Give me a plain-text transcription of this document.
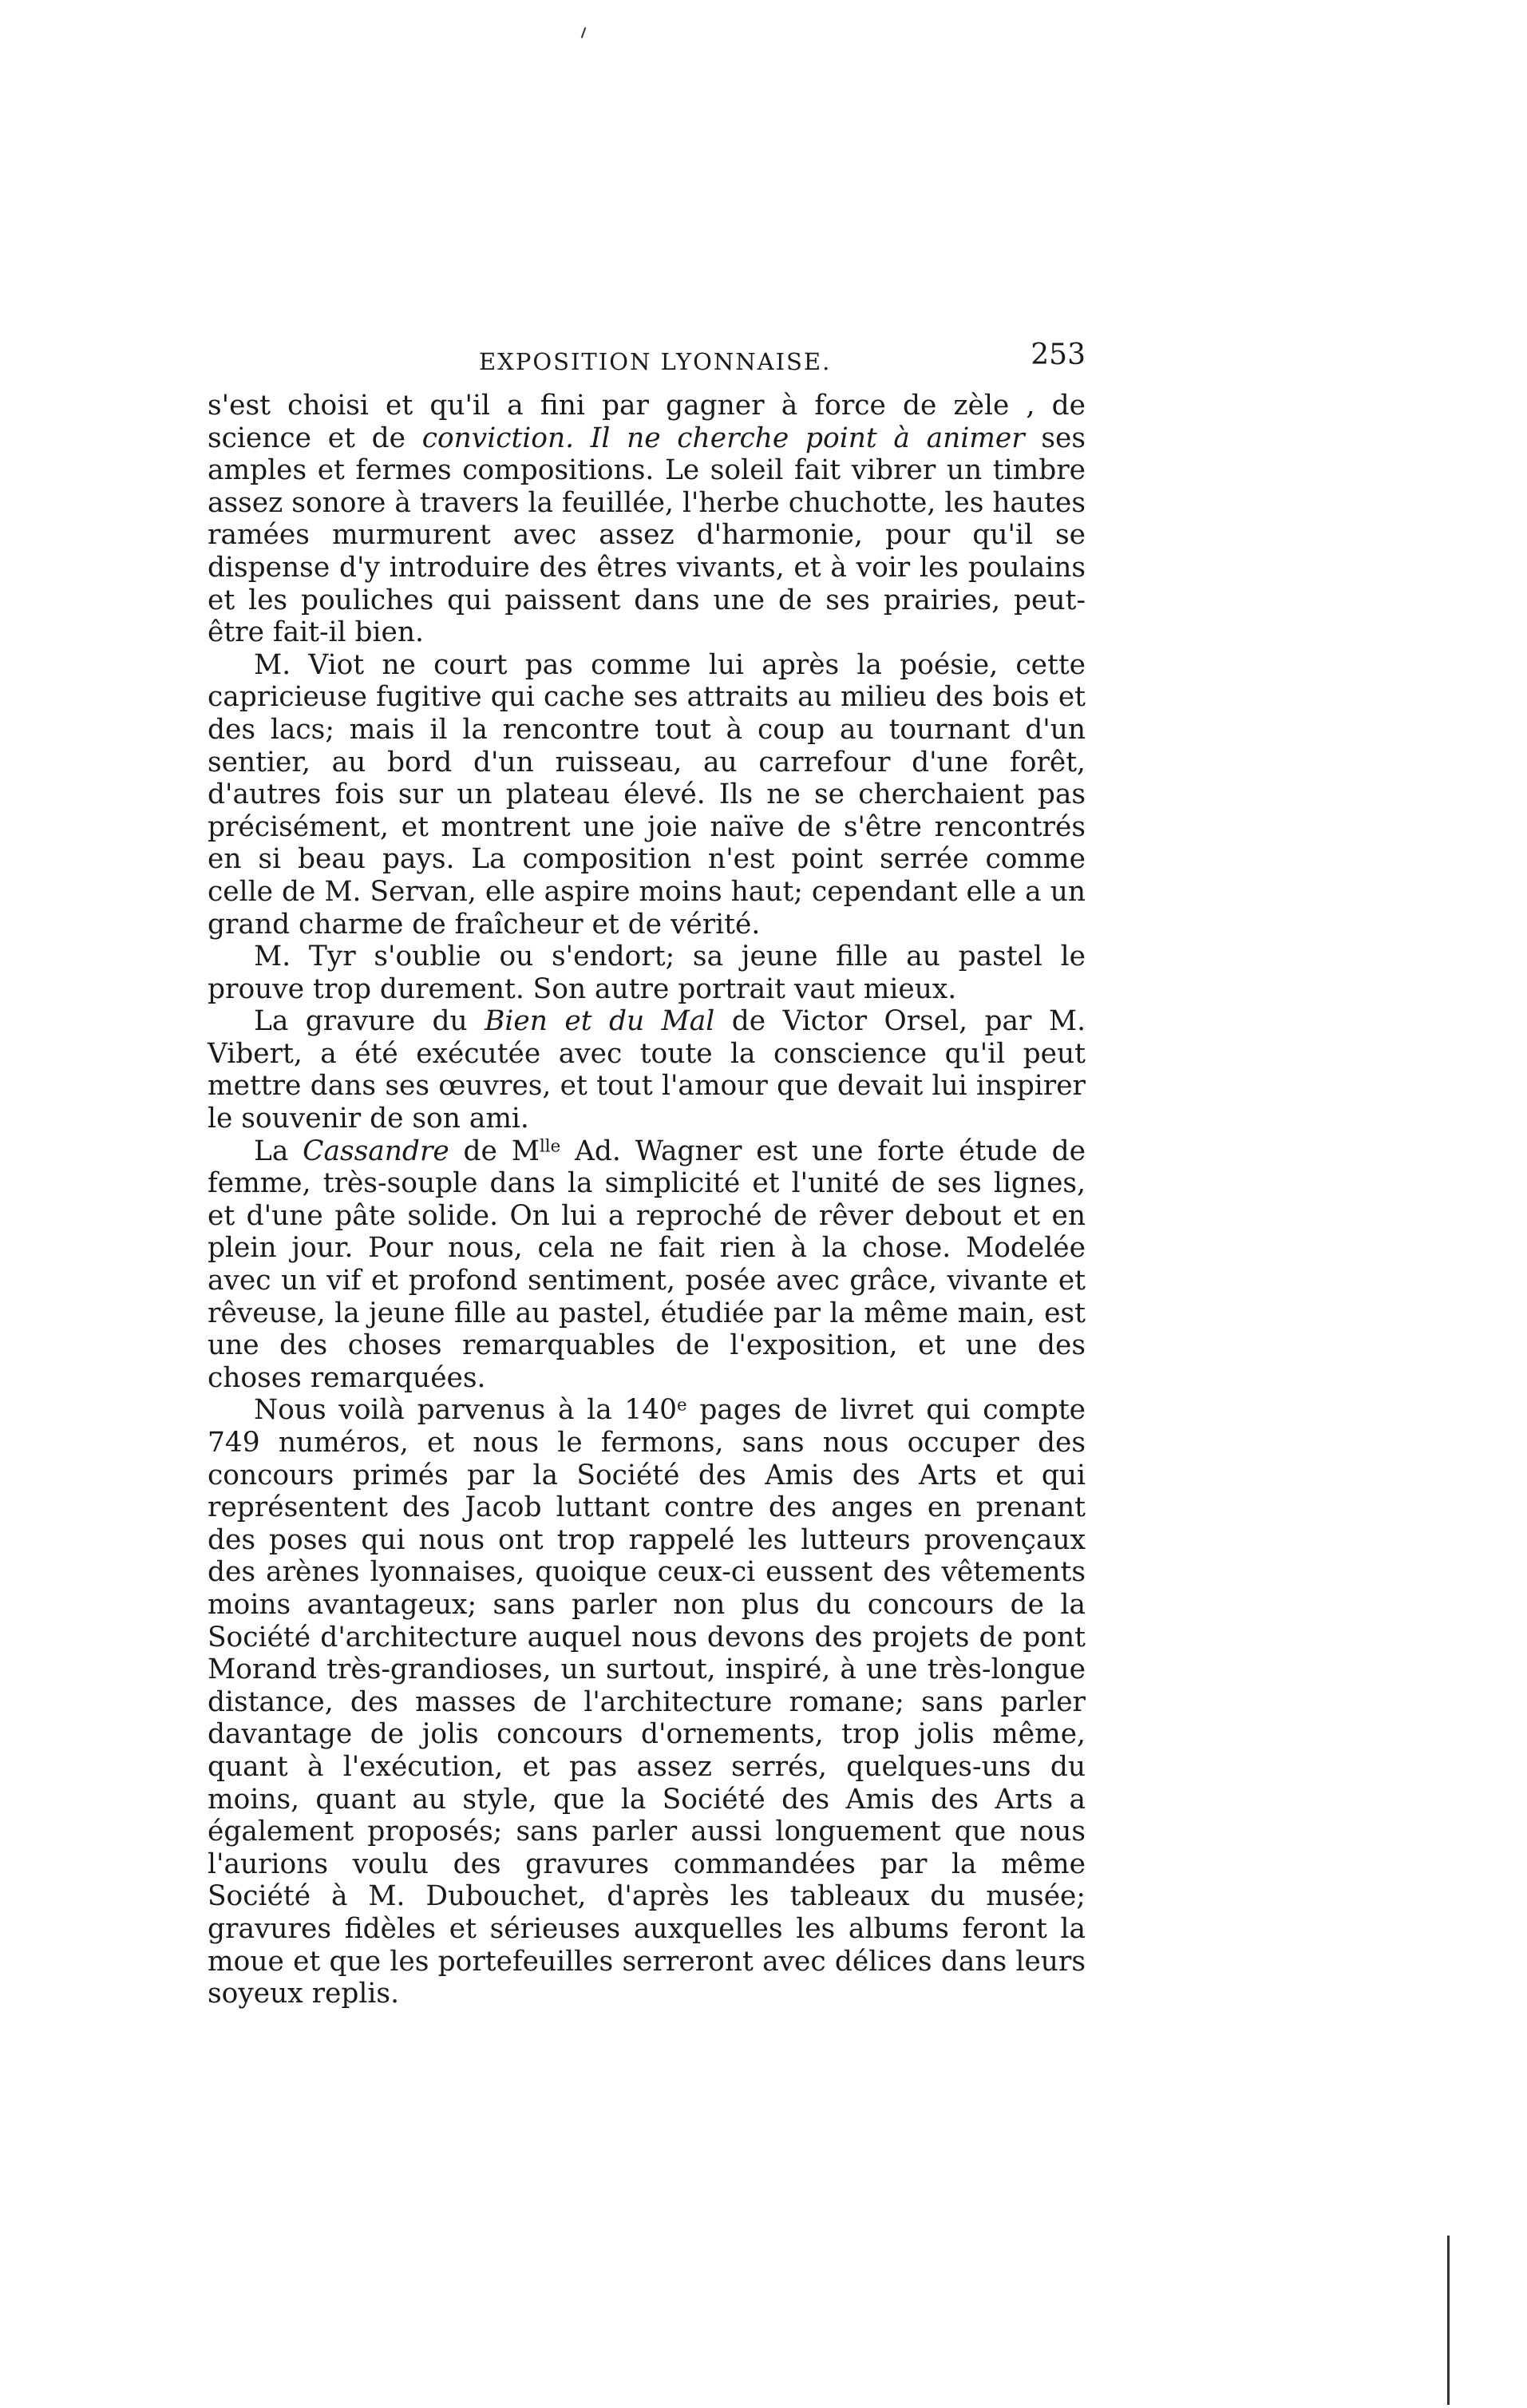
EXPOSITION LYONNAISE.	253

s'est choisi et qu'il a fini par gagner à force de zèle , de science et de conviction. Il ne cherche point à animer ses amples et fermes compositions. Le soleil fait vibrer un timbre assez sonore à travers la feuillée, l'herbe chuchotte, les hautes ramées murmurent avec assez d'harmonie, pour qu'il se dispense d'y introduire des êtres vivants, et à voir les poulains et les pouliches qui paissent dans une de ses prairies, peut-être fait-il bien.

M. Viot ne court pas comme lui après la poésie, cette capricieuse fugitive qui cache ses attraits au milieu des bois et des lacs; mais il la rencontre tout à coup au tournant d'un sentier, au bord d'un ruisseau, au carrefour d'une forêt, d'autres fois sur un plateau élevé. Ils ne se cherchaient pas précisément, et montrent une joie naïve de s'être rencontrés en si beau pays. La composition n'est point serrée comme celle de M. Servan, elle aspire moins haut; cependant elle a un grand charme de fraîcheur et de vérité.

M. Tyr s'oublie ou s'endort; sa jeune fille au pastel le prouve trop durement. Son autre portrait vaut mieux.

La gravure du Bien et du Mal de Victor Orsel, par M. Vibert, a été exécutée avec toute la conscience qu'il peut mettre dans ses œuvres, et tout l'amour que devait lui inspirer le souvenir de son ami.

La Cassandre de $M^{lle}$ Ad. Wagner est une forte étude de femme, très-souple dans la simplicité et l'unité de ses lignes, et d'une pâte solide. On lui a reproché de rêver debout et en plein jour. Pour nous, cela ne fait rien à la chose. Modelée avec un vif et profond sentiment, posée avec grâce, vivante et rêveuse, la jeune fille au pastel, étudiée par la même main, est une des choses remarquables de l'exposition, et une des choses remarquées.

Nous voilà parvenus à la 140e pages de livret qui compte 749 numéros, et nous le fermons, sans nous occuper des concours primés par la Société des Amis des Arts et qui représentent des Jacob luttant contre des anges en prenant des poses qui nous ont trop rappelé les lutteurs provençaux des arènes lyonnaises, quoique ceux-ci eussent des vêtements moins avantageux; sans parler non plus du concours de la Société d'architecture auquel nous devons des projets de pont Morand très-grandioses, un surtout, inspiré, à une très-longue distance, des masses de l'architecture romane; sans parler davantage de jolis concours d'ornements, trop jolis même, quant à l'exécution, et pas assez serrés, quelques-uns du moins, quant au style, que la Société des Amis des Arts a également proposés; sans parler aussi longuement que nous l'aurions voulu des gravures commandées par la même Société à M. Dubouchet, d'après les tableaux du musée; gravures fidèles et sérieuses auxquelles les albums feront la moue et que les portefeuilles serreront avec délices dans leurs soyeux replis.
